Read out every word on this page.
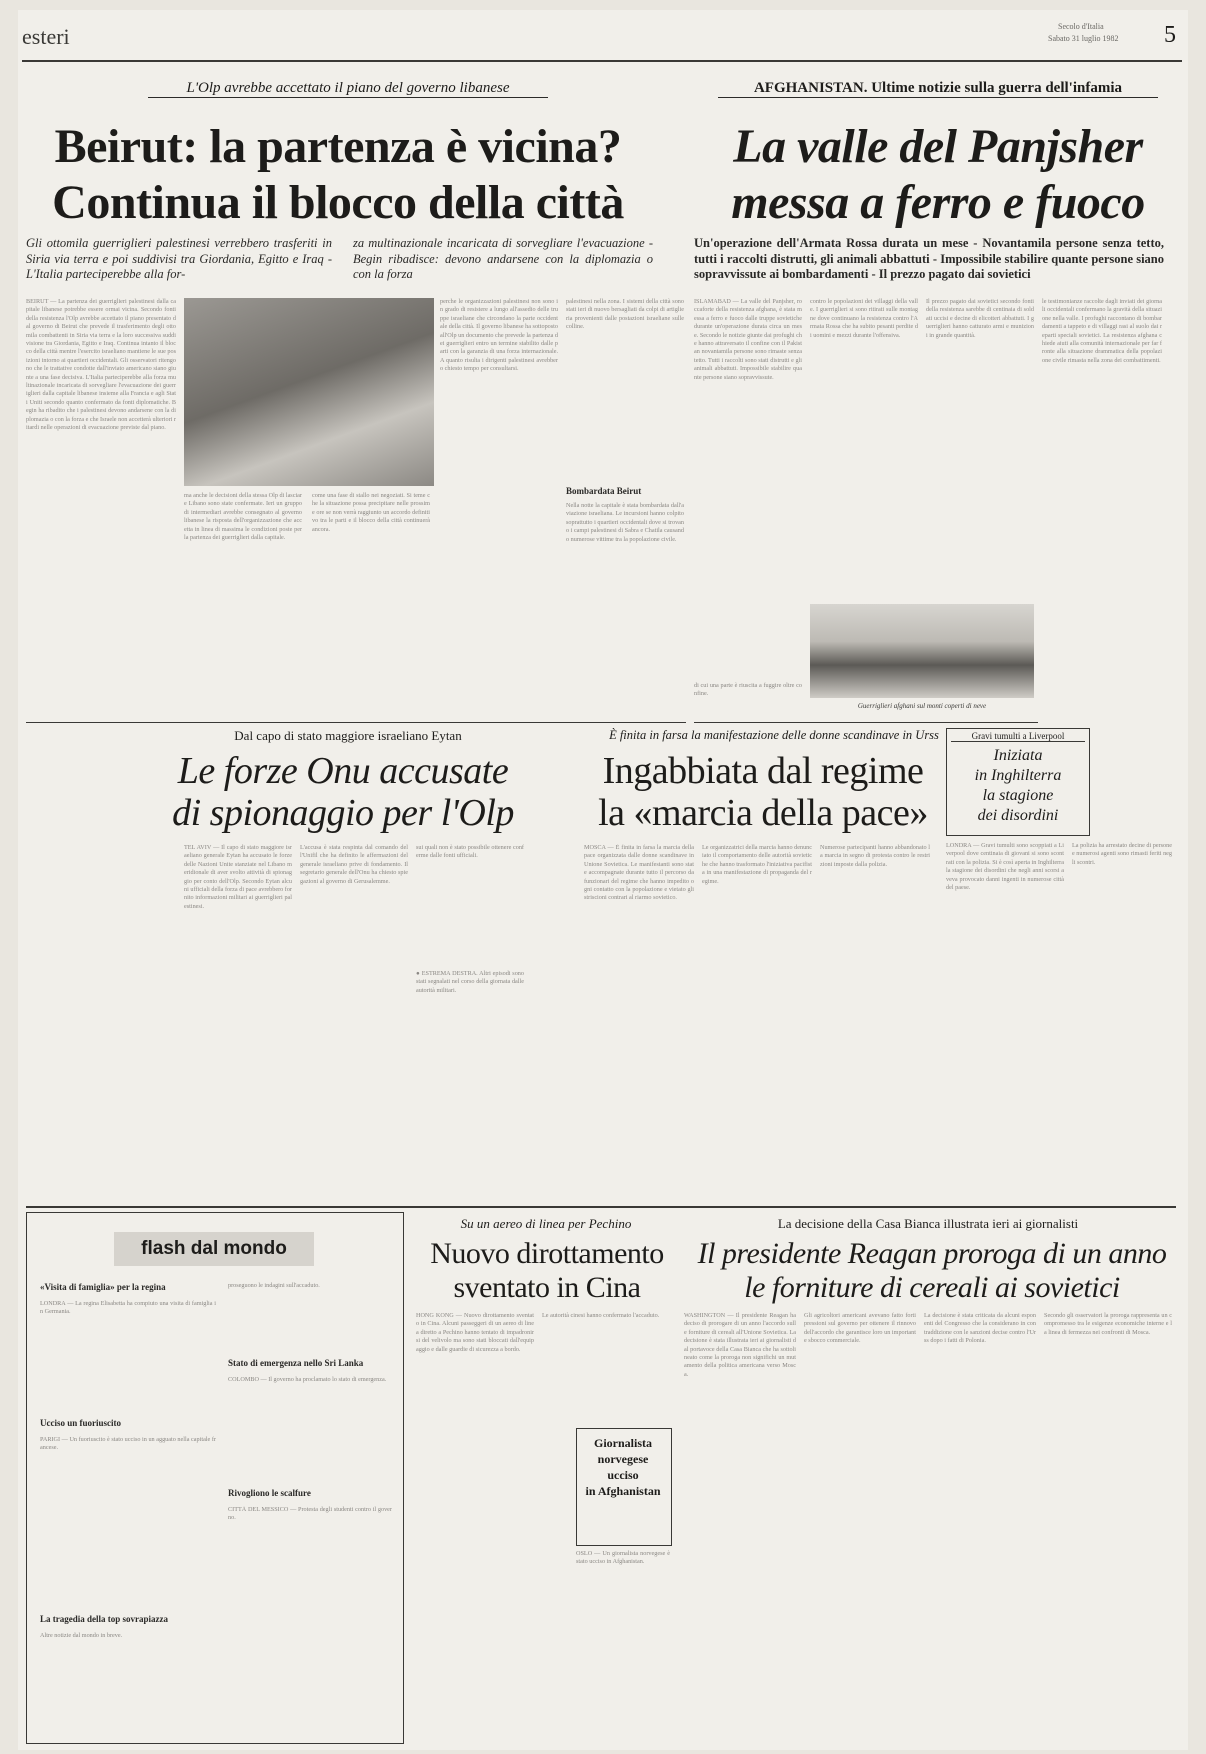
esteri	Secolo d'Italia
Sabato 31 luglio 1982 5
L'Olp avrebbe accettato il piano del governo libanese
Beirut: la partenza è vicina?
Continua il blocco della città
Gli ottomila guerriglieri palestinesi verrebbero trasferiti in Siria via terra e poi suddivisi tra Giordania, Egitto e Iraq - L'Italia parteciperebbe alla for-
za multinazionale incaricata di sorvegliare l'evacuazione - Begin ribadisce: devono andarsene con la diplomazia o con la forza
BEIRUT — La partenza dei guerriglieri palestinesi dalla capitale libanese potrebbe essere ormai vicina. Secondo fonti della resistenza l'Olp avrebbe accettato il piano presentato dal governo di Beirut che prevede il trasferimento degli ottomila combattenti in Siria via terra e la loro successiva suddivisione tra Giordania, Egitto e Iraq. Continua intanto il blocco della città mentre l'esercito israeliano mantiene le sue posizioni intorno ai quartieri occidentali. Gli osservatori ritengono che le trattative condotte dall'inviato americano siano giunte a una fase decisiva. L'Italia parteciperebbe alla forza multinazionale incaricata di sorvegliare l'evacuazione dei guerriglieri dalla capitale libanese insieme alla Francia e agli Stati Uniti secondo quanto confermato da fonti diplomatiche. Begin ha ribadito che i palestinesi devono andarsene con la diplomazia o con la forza e che Israele non accetterà ulteriori ritardi nelle operazioni di evacuazione previste dal piano.
ma anche le decisioni della stessa Olp di lasciare Libano sono state confermate. Ieri un gruppo di intermediari avrebbe consegnato al governo libanese la risposta dell'organizzazione che accetta in linea di massima le condizioni poste per la partenza dei guerriglieri dalla capitale.
come una fase di stallo nei negoziati. Si teme che la situazione possa precipitare nelle prossime ore se non verrà raggiunto un accordo definitivo tra le parti e il blocco della città continuerà ancora.
perche le organizzazioni palestinesi non sono in grado di resistere a lungo all'assedio delle truppe israeliane che circondano la parte occidentale della città. Il governo libanese ha sottoposto all'Olp un documento che prevede la partenza dei guerriglieri entro un termine stabilito dalle parti con la garanzia di una forza internazionale. A quanto risulta i dirigenti palestinesi avrebbero chiesto tempo per consultarsi.
palestinesi nella zona. I sistemi della città sono stati ieri di nuovo bersagliati da colpi di artiglieria provenienti dalle postazioni israeliane sulle colline.
Bombardata Beirut
Nella notte la capitale è stata bombardata dall'aviazione israeliana. Le incursioni hanno colpito soprattutto i quartieri occidentali dove si trovano i campi palestinesi di Sabra e Chatila causando numerose vittime tra la popolazione civile.
AFGHANISTAN. Ultime notizie sulla guerra dell'infamia
La valle del Panjsher
messa a ferro e fuoco
Un'operazione dell'Armata Rossa durata un mese - Novantamila persone senza tetto, tutti i raccolti distrutti, gli animali abbattuti - Impossibile stabilire quante persone siano sopravvissute ai bombardamenti - Il prezzo pagato dai sovietici
ISLAMABAD — La valle del Panjsher, roccaforte della resistenza afghana, è stata messa a ferro e fuoco dalle truppe sovietiche durante un'operazione durata circa un mese. Secondo le notizie giunte dai profughi che hanno attraversato il confine con il Pakistan novantamila persone sono rimaste senza tetto. Tutti i raccolti sono stati distrutti e gli animali abbattuti. Impossibile stabilire quante persone siano sopravvissute.
contro le popolazioni dei villaggi della valle. I guerriglieri si sono ritirati sulle montagne dove continuano la resistenza contro l'Armata Rossa che ha subito pesanti perdite di uomini e mezzi durante l'offensiva.
Il prezzo pagato dai sovietici secondo fonti della resistenza sarebbe di centinaia di soldati uccisi e decine di elicotteri abbattuti. I guerriglieri hanno catturato armi e munizioni in grande quantità.
le testimonianze raccolte dagli inviati dei giornali occidentali confermano la gravità della situazione nella valle. I profughi raccontano di bombardamenti a tappeto e di villaggi rasi al suolo dai reparti speciali sovietici. La resistenza afghana chiede aiuti alla comunità internazionale per far fronte alla situazione drammatica della popolazione civile rimasta nella zona dei combattimenti.
Guerriglieri afghani sul monti coperti di neve
di cui una parte è riuscita a fuggire oltre confine.
Dal capo di stato maggiore israeliano Eytan
Le forze Onu accusate
di spionaggio per l'Olp
TEL AVIV — Il capo di stato maggiore israeliano generale Eytan ha accusato le forze delle Nazioni Unite stanziate nel Libano meridionale di aver svolto attività di spionaggio per conto dell'Olp. Secondo Eytan alcuni ufficiali della forza di pace avrebbero fornito informazioni militari ai guerriglieri palestinesi.
L'accusa è stata respinta dal comando dell'Unifil che ha definito le affermazioni del generale israeliano prive di fondamento. Il segretario generale dell'Onu ha chiesto spiegazioni al governo di Gerusalemme.
sui quali non è stato possibile ottenere conferme dalle fonti ufficiali.
● ESTREMA DESTRA. Altri episodi sono stati segnalati nel corso della giornata dalle autorità militari.
È finita in farsa la manifestazione delle donne scandinave in Urss
Ingabbiata dal regime
la «marcia della pace»
MOSCA — È finita in farsa la marcia della pace organizzata dalle donne scandinave in Unione Sovietica. Le manifestanti sono state accompagnate durante tutto il percorso da funzionari del regime che hanno impedito ogni contatto con la popolazione e vietato gli striscioni contrari al riarmo sovietico.
Le organizzatrici della marcia hanno denunciato il comportamento delle autorità sovietiche che hanno trasformato l'iniziativa pacifista in una manifestazione di propaganda del regime.
Numerose partecipanti hanno abbandonato la marcia in segno di protesta contro le restrizioni imposte dalla polizia.
Gravi tumulti a Liverpool
Iniziata
in Inghilterra
la stagione
dei disordini
LONDRA — Gravi tumulti sono scoppiati a Liverpool dove centinaia di giovani si sono scontrati con la polizia. Si è così aperta in Inghilterra la stagione dei disordini che negli anni scorsi aveva provocato danni ingenti in numerose città del paese.
La polizia ha arrestato decine di persone e numerosi agenti sono rimasti feriti negli scontri.
flash dal mondo
«Visita di famiglia» per la regina
LONDRA — La regina Elisabetta ha compiuto una visita di famiglia in Germania.
Ucciso un fuoriuscito
PARIGI — Un fuoriuscito è stato ucciso in un agguato nella capitale francese.
La tragedia della top sovrapiazza
Altre notizie dal mondo in breve.
proseguono le indagini sull'accaduto.
Stato di emergenza nello Sri Lanka
COLOMBO — Il governo ha proclamato lo stato di emergenza.
Rivogliono le scalfure
CITTÀ DEL MESSICO — Protesta degli studenti contro il governo.
Su un aereo di linea per Pechino
Nuovo dirottamento
sventato in Cina
HONG KONG — Nuovo dirottamento sventato in Cina. Alcuni passeggeri di un aereo di linea diretto a Pechino hanno tentato di impadronirsi del velivolo ma sono stati bloccati dall'equipaggio e dalle guardie di sicurezza a bordo.
Le autorità cinesi hanno confermato l'accaduto.
Giornalista
norvegese
ucciso
in Afghanistan
OSLO — Un giornalista norvegese è stato ucciso in Afghanistan.
La decisione della Casa Bianca illustrata ieri ai giornalisti
Il presidente Reagan proroga di un anno
le forniture di cereali ai sovietici
WASHINGTON — Il presidente Reagan ha deciso di prorogare di un anno l'accordo sulle forniture di cereali all'Unione Sovietica. La decisione è stata illustrata ieri ai giornalisti dal portavoce della Casa Bianca che ha sottolineato come la proroga non significhi un mutamento della politica americana verso Mosca.
Gli agricoltori americani avevano fatto forti pressioni sul governo per ottenere il rinnovo dell'accordo che garantisce loro un importante sbocco commerciale.
La decisione è stata criticata da alcuni esponenti del Congresso che la considerano in contraddizione con le sanzioni decise contro l'Urss dopo i fatti di Polonia.
Secondo gli osservatori la proroga rappresenta un compromesso tra le esigenze economiche interne e la linea di fermezza nei confronti di Mosca.
